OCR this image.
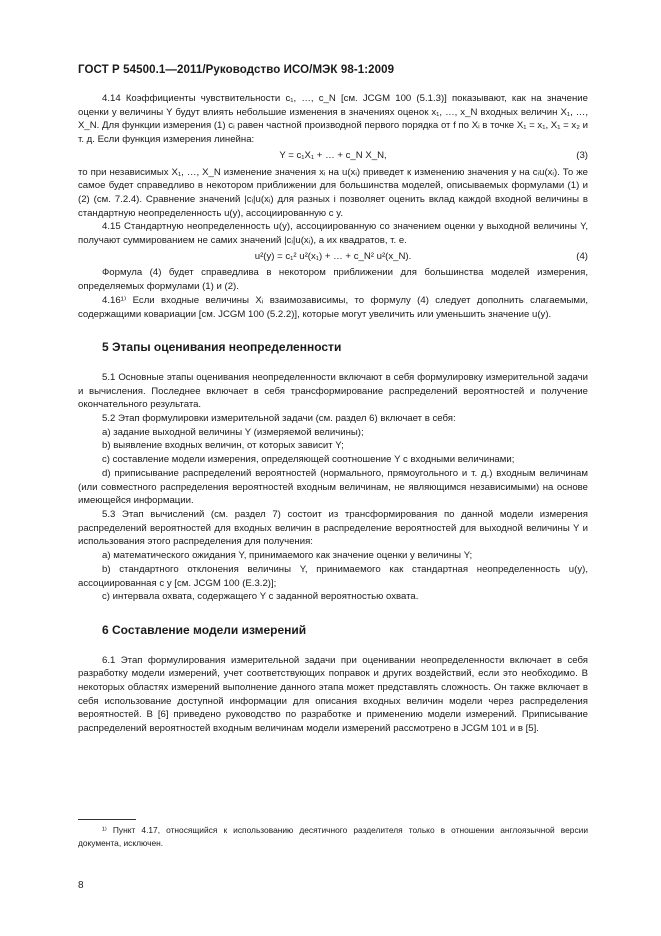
ГОСТ Р 54500.1—2011/Руководство ИСО/МЭК 98-1:2009

4.14 Коэффициенты чувствительности c₁, …, c_N [см. JCGM 100 (5.1.3)] показывают, как на значение оценки y величины Y будут влиять небольшие изменения в значениях оценок x₁, …, x_N входных величин X₁, …, X_N. Для функции измерения (1) cᵢ равен частной производной первого порядка от f по Xᵢ в точке X₁ = x₁, X₁ = x₂ и т. д. Если функция измерения линейна:

Y = c₁X₁ + … + c_N X_N,	(3)

то при независимых X₁, …, X_N изменение значения xᵢ на u(xᵢ) приведет к изменению значения y на cᵢu(xᵢ). То же самое будет справедливо в некотором приближении для большинства моделей, описываемых формулами (1) и (2) (см. 7.2.4). Сравнение значений |cᵢ|u(xᵢ) для разных i позволяет оценить вклад каждой входной величины в стандартную неопределенность u(y), ассоциированную с y.

4.15 Стандартную неопределенность u(y), ассоциированную со значением оценки y выходной величины Y, получают суммированием не самих значений |cᵢ|u(xᵢ), а их квадратов, т. е.

u²(y) = c₁² u²(x₁) + … + c_N² u²(x_N).	(4)

Формула (4) будет справедлива в некотором приближении для большинства моделей измерения, определяемых формулами (1) и (2).

4.16¹⁾ Если входные величины Xᵢ взаимозависимы, то формулу (4) следует дополнить слагаемыми, содержащими ковариации [см. JCGM 100 (5.2.2)], которые могут увеличить или уменьшить значение u(y).

5 Этапы оценивания неопределенности

5.1 Основные этапы оценивания неопределенности включают в себя формулировку измерительной задачи и вычисления. Последнее включает в себя трансформирование распределений вероятностей и получение окончательного результата.

5.2 Этап формулировки измерительной задачи (см. раздел 6) включает в себя:

a) задание выходной величины Y (измеряемой величины);

b) выявление входных величин, от которых зависит Y;

c) составление модели измерения, определяющей соотношение Y с входными величинами;

d) приписывание распределений вероятностей (нормального, прямоугольного и т. д.) входным величинам (или совместного распределения вероятностей входным величинам, не являющимся независимыми) на основе имеющейся информации.

5.3 Этап вычислений (см. раздел 7) состоит из трансформирования по данной модели измерения распределений вероятностей для входных величин в распределение вероятностей для выходной величины Y и использования этого распределения для получения:

a) математического ожидания Y, принимаемого как значение оценки y величины Y;

b) стандартного отклонения величины Y, принимаемого как стандартная неопределенность u(y), ассоциированная с y [см. JCGM 100 (E.3.2)];

c) интервала охвата, содержащего Y с заданной вероятностью охвата.

6 Составление модели измерений

6.1 Этап формулирования измерительной задачи при оценивании неопределенности включает в себя разработку модели измерений, учет соответствующих поправок и других воздействий, если это необходимо. В некоторых областях измерений выполнение данного этапа может представлять сложность. Он также включает в себя использование доступной информации для описания входных величин модели через распределения вероятностей. В [6] приведено руководство по разработке и применению модели измерений. Приписывание распределений вероятностей входным величинам модели измерений рассмотрено в JCGM 101 и в [5].

¹⁾ Пункт 4.17, относящийся к использованию десятичного разделителя только в отношении англоязычной версии документа, исключен.
8
